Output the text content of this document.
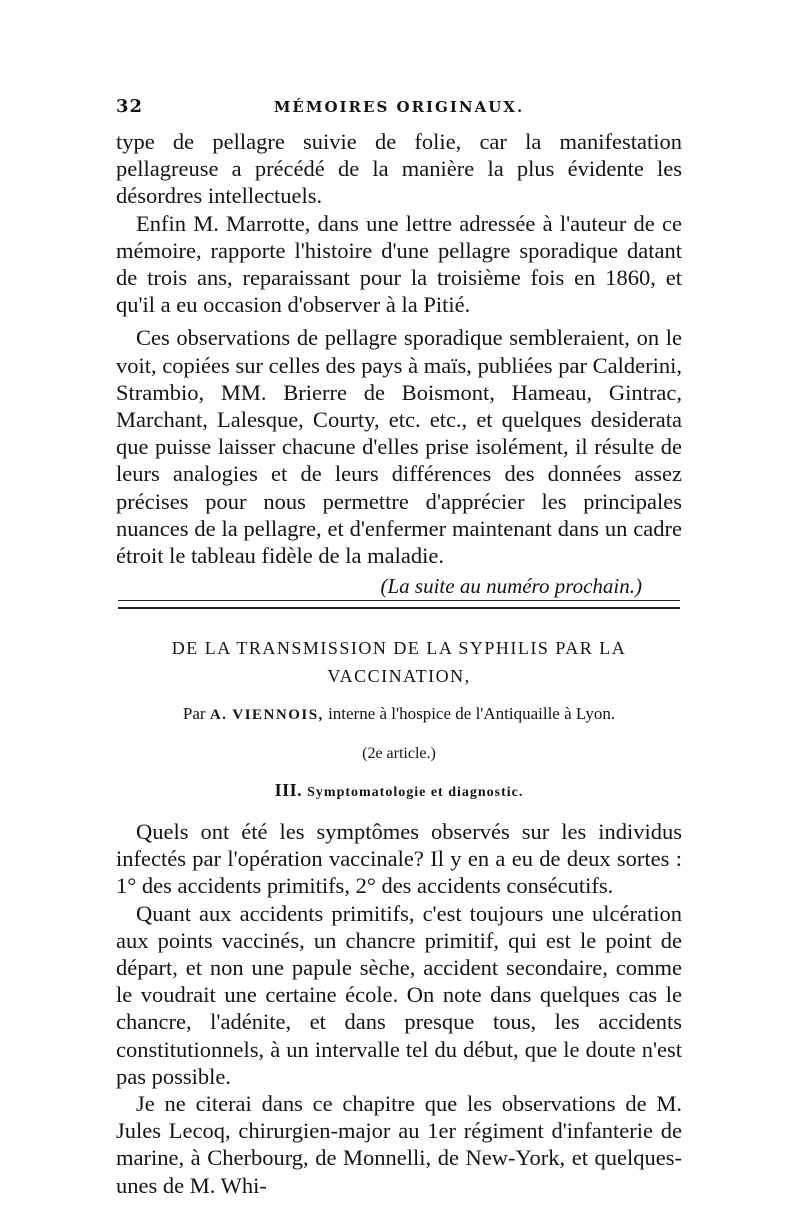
32	MÉMOIRES ORIGINAUX.

type de pellagre suivie de folie, car la manifestation pellagreuse a précédé de la manière la plus évidente les désordres intellectuels.

Enfin M. Marrotte, dans une lettre adressée à l'auteur de ce mémoire, rapporte l'histoire d'une pellagre sporadique datant de trois ans, reparaissant pour la troisième fois en 1860, et qu'il a eu occasion d'observer à la Pitié.

Ces observations de pellagre sporadique sembleraient, on le voit, copiées sur celles des pays à maïs, publiées par Calderini, Strambio, MM. Brierre de Boismont, Hameau, Gintrac, Marchant, Lalesque, Courty, etc. etc., et quelques desiderata que puisse laisser chacune d'elles prise isolément, il résulte de leurs analogies et de leurs différences des données assez précises pour nous permettre d'apprécier les principales nuances de la pellagre, et d'enfermer maintenant dans un cadre étroit le tableau fidèle de la maladie.

(La suite au numéro prochain.)

DE LA TRANSMISSION DE LA SYPHILIS PAR LA
VACCINATION,
Par A. VIENNOIS, interne à l'hospice de l'Antiquaille à Lyon.
(2e article.)
III. Symptomatologie et diagnostic.

Quels ont été les symptômes observés sur les individus infectés par l'opération vaccinale? Il y en a eu de deux sortes : 1° des accidents primitifs, 2° des accidents consécutifs.

Quant aux accidents primitifs, c'est toujours une ulcération aux points vaccinés, un chancre primitif, qui est le point de départ, et non une papule sèche, accident secondaire, comme le voudrait une certaine école. On note dans quelques cas le chancre, l'adénite, et dans presque tous, les accidents constitutionnels, à un intervalle tel du début, que le doute n'est pas possible.

Je ne citerai dans ce chapitre que les observations de M. Jules Lecoq, chirurgien-major au 1er régiment d'infanterie de marine, à Cherbourg, de Monnelli, de New-York, et quelques-unes de M. Whi-
